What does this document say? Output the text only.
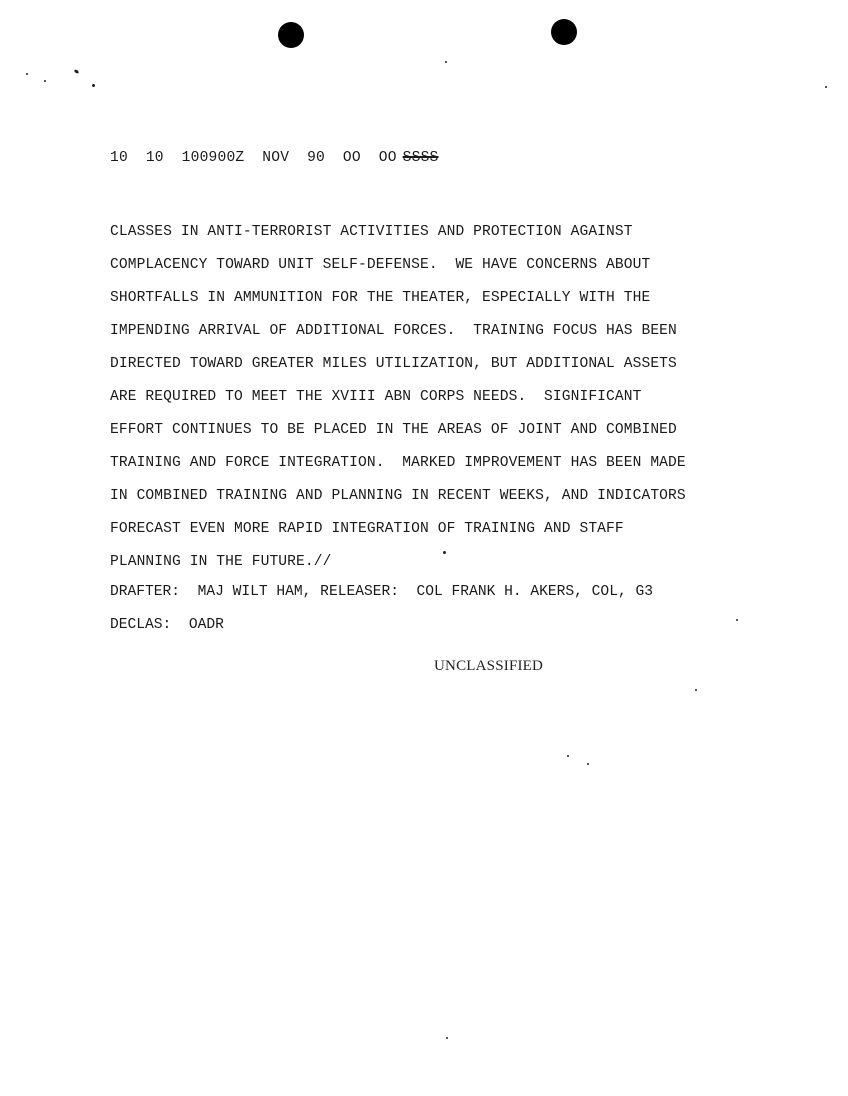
10  10  100900Z  NOV  90  OO  OO SSSS
CLASSES IN ANTI-TERRORIST ACTIVITIES AND PROTECTION AGAINST
COMPLACENCY TOWARD UNIT SELF-DEFENSE.  WE HAVE CONCERNS ABOUT
SHORTFALLS IN AMMUNITION FOR THE THEATER, ESPECIALLY WITH THE
IMPENDING ARRIVAL OF ADDITIONAL FORCES.  TRAINING FOCUS HAS BEEN
DIRECTED TOWARD GREATER MILES UTILIZATION, BUT ADDITIONAL ASSETS
ARE REQUIRED TO MEET THE XVIII ABN CORPS NEEDS.  SIGNIFICANT
EFFORT CONTINUES TO BE PLACED IN THE AREAS OF JOINT AND COMBINED
TRAINING AND FORCE INTEGRATION.  MARKED IMPROVEMENT HAS BEEN MADE
IN COMBINED TRAINING AND PLANNING IN RECENT WEEKS, AND INDICATORS
FORECAST EVEN MORE RAPID INTEGRATION OF TRAINING AND STAFF
PLANNING IN THE FUTURE.//
DRAFTER:  MAJ WILT HAM, RELEASER:  COL FRANK H. AKERS, COL, G3
DECLAS:  OADR
UNCLASSIFIED
